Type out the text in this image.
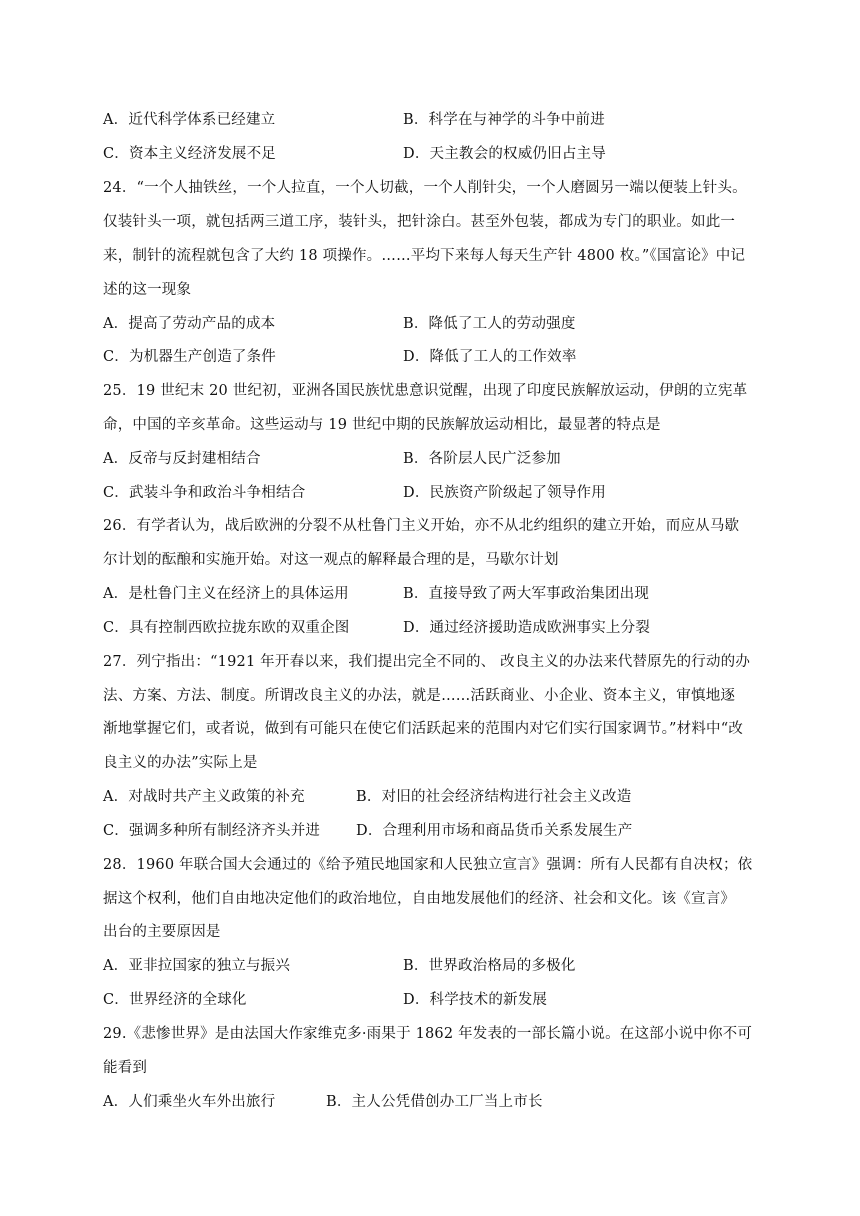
A．近代科学体系已经建立	B．科学在与神学的斗争中前进
C．资本主义经济发展不足	D．天主教会的权威仍旧占主导
24．“一个人抽铁丝，一个人拉直，一个人切截，一个人削针尖，一个人磨圆另一端以便装上针头。
仅装针头一项，就包括两三道工序，装针头，把针涂白。甚至外包装，都成为专门的职业。如此一
来，制针的流程就包含了大约 18 项操作。……平均下来每人每天生产针 4800 枚。”《国富论》中记
述的这一现象
A．提高了劳动产品的成本	B．降低了工人的劳动强度
C．为机器生产创造了条件	D．降低了工人的工作效率
25．19 世纪末 20 世纪初，亚洲各国民族忧患意识觉醒，出现了印度民族解放运动，伊朗的立宪革
命，中国的辛亥革命。这些运动与 19 世纪中期的民族解放运动相比，最显著的特点是
A．反帝与反封建相结合	B．各阶层人民广泛参加
C．武装斗争和政治斗争相结合	D．民族资产阶级起了领导作用
26．有学者认为，战后欧洲的分裂不从杜鲁门主义开始，亦不从北约组织的建立开始，而应从马歇
尔计划的酝酿和实施开始。对这一观点的解释最合理的是，马歇尔计划
A．是杜鲁门主义在经济上的具体运用	B．直接导致了两大军事政治集团出现
C．具有控制西欧拉拢东欧的双重企图	D．通过经济援助造成欧洲事实上分裂
27．列宁指出：“1921 年开春以来，我们提出完全不同的、 改良主义的办法来代替原先的行动的办
法、方案、方法、制度。所谓改良主义的办法，就是……活跃商业、小企业、资本主义，审慎地逐
渐地掌握它们，或者说，做到有可能只在使它们活跃起来的范围内对它们实行国家调节。”材料中“改
良主义的办法”实际上是
A．对战时共产主义政策的补充	B．对旧的社会经济结构进行社会主义改造
C．强调多种所有制经济齐头并进 D．合理利用市场和商品货币关系发展生产
28．1960 年联合国大会通过的《给予殖民地国家和人民独立宣言》强调：所有人民都有自决权；依
据这个权利，他们自由地决定他们的政治地位，自由地发展他们的经济、社会和文化。该《宣言》
出台的主要原因是
A．亚非拉国家的独立与振兴	B．世界政治格局的多极化
C．世界经济的全球化	D．科学技术的新发展
29.《悲惨世界》是由法国大作家维克多·雨果于 1862 年发表的一部长篇小说。在这部小说中你不可
能看到
A．人们乘坐火车外出旅行	B．主人公凭借创办工厂当上市长
